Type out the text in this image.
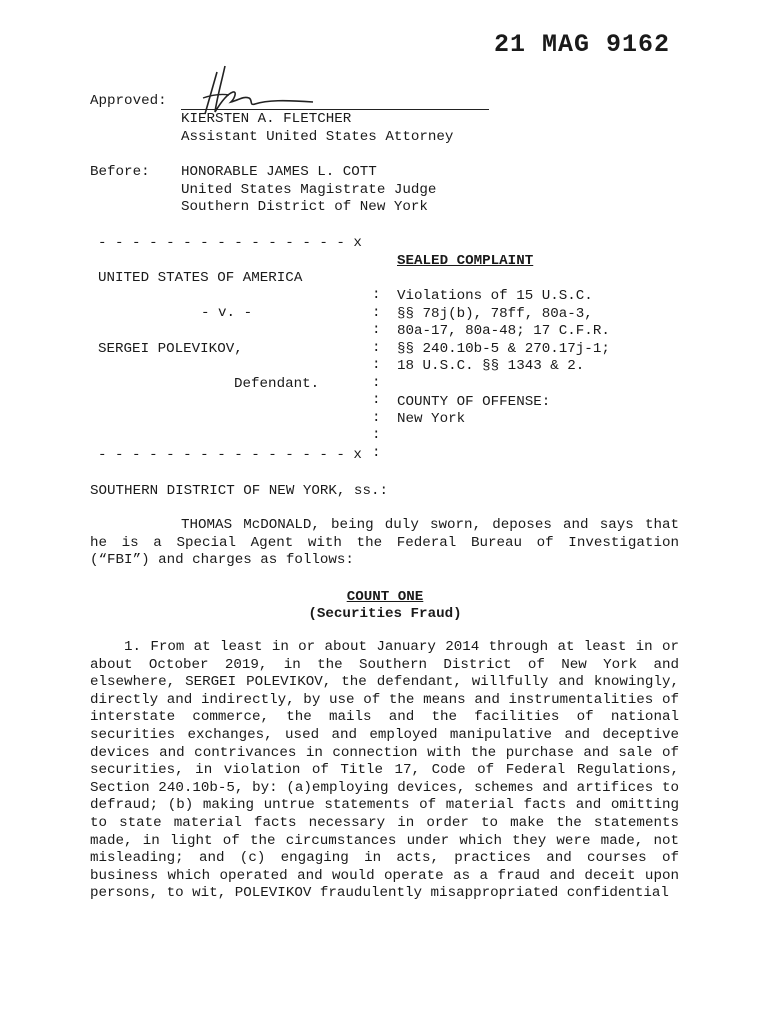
21 MAG 9162
Approved:
KIERSTEN A. FLETCHER
Assistant United States Attorney
Before: HONORABLE JAMES L. COTT
United States Magistrate Judge
Southern District of New York
- - - - - - - - - - - - - - - x

:
:
:
:
:
:
:
:
:
:

UNITED STATES OF AMERICA
- v. -
SERGEI POLEVIKOV,
Defendant.
- - - - - - - - - - - - - - - x
SEALED COMPLAINT
Violations of 15 U.S.C.
§§ 78j(b), 78ff, 80a-3,
80a-17, 80a-48; 17 C.F.R.
§§ 240.10b-5 & 270.17j-1;
18 U.S.C. §§ 1343 & 2.
COUNTY OF OFFENSE:
New York
SOUTHERN DISTRICT OF NEW YORK, ss.:
THOMAS McDONALD, being duly sworn, deposes and says that he is a Special Agent with the Federal Bureau of Investigation (“FBI”) and charges as follows:
COUNT ONE
(Securities Fraud)
1. From at least in or about January 2014 through at least in or about October 2019, in the Southern District of New York and elsewhere, SERGEI POLEVIKOV, the defendant, willfully and knowingly, directly and indirectly, by use of the means and instrumentalities of interstate commerce, the mails and the facilities of national securities exchanges, used and employed manipulative and deceptive devices and contrivances in connection with the purchase and sale of securities, in violation of Title 17, Code of Federal Regulations, Section 240.10b-5, by: (a)employing devices, schemes and artifices to defraud; (b) making untrue statements of material facts and omitting to state material facts necessary in order to make the statements made, in light of the circumstances under which they were made, not misleading; and (c) engaging in acts, practices and courses of business which operated and would operate as a fraud and deceit upon persons, to wit, POLEVIKOV fraudulently misappropriated confidential
